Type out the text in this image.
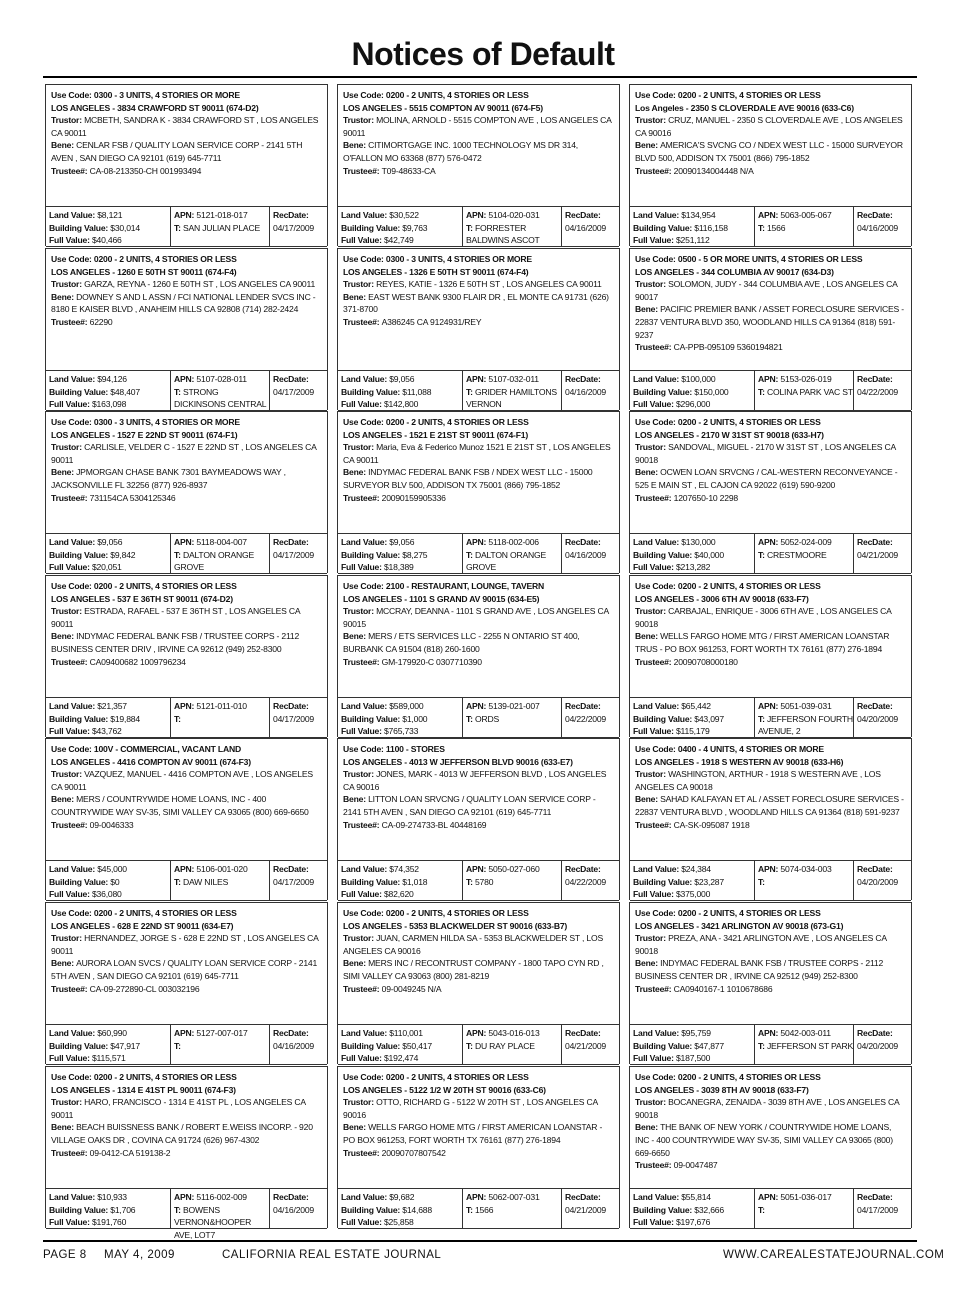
Notices of Default
Use Code: 0300 - 3 UNITS, 4 STORIES OR MORE
LOS ANGELES - 3834 CRAWFORD ST 90011 (674-D2)
Trustor: MCBETH, SANDRA K - 3834 CRAWFORD ST , LOS ANGELES CA 90011
Bene: CENLAR FSB / QUALITY LOAN SERVICE CORP - 2141 5TH AVEN , SAN DIEGO CA 92101 (619) 645-7711
Trustee#: CA-08-213350-CH 001993494
Land Value: $8,121
Building Value: $30,014
Full Value: $40,466
APN: 5121-018-017
T: SAN JULIAN PLACE
RecDate:
04/17/2009
Use Code: 0200 - 2 UNITS, 4 STORIES OR LESS
LOS ANGELES - 1260 E 50TH ST 90011 (674-F4)
Trustor: GARZA, REYNA - 1260 E 50TH ST , LOS ANGELES CA 90011
Bene: DOWNEY S AND L ASSN / FCI NATIONAL LENDER SVCS INC - 8180 E KAISER BLVD , ANAHEIM HILLS CA 92808 (714) 282-2424
Trustee#: 62290
Land Value: $94,126
Building Value: $48,407
Full Value: $163,098
APN: 5107-028-011
T: STRONG DICKINSONS CENTRAL
RecDate:
04/17/2009
Use Code: 0300 - 3 UNITS, 4 STORIES OR MORE
LOS ANGELES - 1527 E 22ND ST 90011 (674-F1)
Trustor: CARLISLE, VELDER C - 1527 E 22ND ST , LOS ANGELES CA 90011
Bene: JPMORGAN CHASE BANK 7301 BAYMEADOWS WAY , JACKSONVILLE FL 32256 (877) 926-8937
Trustee#: 731154CA 5304125346
Land Value: $9,056
Building Value: $9,842
Full Value: $20,051
APN: 5118-004-007
T: DALTON ORANGE GROVE
RecDate:
04/17/2009
Use Code: 0200 - 2 UNITS, 4 STORIES OR LESS
LOS ANGELES - 537 E 36TH ST 90011 (674-D2)
Trustor: ESTRADA, RAFAEL - 537 E 36TH ST , LOS ANGELES CA 90011
Bene: INDYMAC FEDERAL BANK FSB / TRUSTEE CORPS - 2112 BUSINESS CENTER DRIV , IRVINE CA 92612 (949) 252-8300
Trustee#: CA09400682 1009796234
Land Value: $21,357
Building Value: $19,884
Full Value: $43,762
APN: 5121-011-010
T:
RecDate:
04/17/2009
Use Code: 100V - COMMERCIAL, VACANT LAND
LOS ANGELES - 4416 COMPTON AV 90011 (674-F3)
Trustor: VAZQUEZ, MANUEL - 4416 COMPTON AVE , LOS ANGELES CA 90011
Bene: MERS / COUNTRYWIDE HOME LOANS, INC - 400 COUNTRYWIDE WAY SV-35, SIMI VALLEY CA 93065 (800) 669-6650
Trustee#: 09-0046333
Land Value: $45,000
Building Value: $0
Full Value: $36,080
APN: 5106-001-020
T: DAW NILES
RecDate:
04/17/2009
Use Code: 0200 - 2 UNITS, 4 STORIES OR LESS
LOS ANGELES - 628 E 22ND ST 90011 (634-E7)
Trustor: HERNANDEZ, JORGE S - 628 E 22ND ST , LOS ANGELES CA 90011
Bene: AURORA LOAN SVCS / QUALITY LOAN SERVICE CORP - 2141 5TH AVEN , SAN DIEGO CA 92101 (619) 645-7711
Trustee#: CA-09-272890-CL 003032196
Land Value: $60,990
Building Value: $47,917
Full Value: $115,571
APN: 5127-007-017
T:
RecDate:
04/16/2009
Use Code: 0200 - 2 UNITS, 4 STORIES OR LESS
LOS ANGELES - 1314 E 41ST PL 90011 (674-F3)
Trustor: HARO, FRANCISCO - 1314 E 41ST PL , LOS ANGELES CA 90011
Bene: BEACH BUISSNESS BANK / ROBERT E.WEISS INCORP. - 920 VILLAGE OAKS DR , COVINA CA 91724 (626) 967-4302
Trustee#: 09-0412-CA 519138-2
Land Value: $10,933
Building Value: $1,706
Full Value: $191,760
APN: 5116-002-009
T: BOWENS VERNON&HOOPER AVE, LOT7
RecDate:
04/16/2009
Use Code: 0200 - 2 UNITS, 4 STORIES OR LESS
LOS ANGELES - 5515 COMPTON AV 90011 (674-F5)
Trustor: MOLINA, ARNOLD - 5515 COMPTON AVE , LOS ANGELES CA 90011
Bene: CITIMORTGAGE INC. 1000 TECHNOLOGY MS DR 314, O'FALLON MO 63368 (877) 576-0472
Trustee#: T09-48633-CA
Land Value: $30,522
Building Value: $9,763
Full Value: $42,749
APN: 5104-020-031
T: FORRESTER BALDWINS ASCOT
RecDate:
04/16/2009
Use Code: 0300 - 3 UNITS, 4 STORIES OR MORE
LOS ANGELES - 1326 E 50TH ST 90011 (674-F4)
Trustor: REYES, KATIE - 1326 E 50TH ST , LOS ANGELES CA 90011
Bene: EAST WEST BANK 9300 FLAIR DR , EL MONTE CA 91731 (626) 371-8700
Trustee#: A386245 CA 9124931/REY
Land Value: $9,056
Building Value: $11,088
Full Value: $142,800
APN: 5107-032-011
T: GRIDER HAMILTONS VERNON
RecDate:
04/16/2009
Use Code: 0200 - 2 UNITS, 4 STORIES OR LESS
LOS ANGELES - 1521 E 21ST ST 90011 (674-F1)
Trustor: Maria, Eva & Federico Munoz 1521 E 21ST ST , LOS ANGELES CA 90011
Bene: INDYMAC FEDERAL BANK FSB / NDEX WEST LLC - 15000 SURVEYOR BLV 500, ADDISON TX 75001 (866) 795-1852
Trustee#: 20090159905336
Land Value: $9,056
Building Value: $8,275
Full Value: $18,389
APN: 5118-002-006
T: DALTON ORANGE GROVE
RecDate:
04/16/2009
Use Code: 2100 - RESTAURANT, LOUNGE, TAVERN
LOS ANGELES - 1101 S GRAND AV 90015 (634-E5)
Trustor: MCCRAY, DEANNA - 1101 S GRAND AVE , LOS ANGELES CA 90015
Bene: MERS / ETS SERVICES LLC - 2255 N ONTARIO ST 400, BURBANK CA 91504 (818) 260-1600
Trustee#: GM-179920-C 0307710390
Land Value: $589,000
Building Value: $1,000
Full Value: $765,733
APN: 5139-021-007
T: ORDS
RecDate:
04/22/2009
Use Code: 1100 - STORES
LOS ANGELES - 4013 W JEFFERSON BLVD 90016 (633-E7)
Trustor: JONES, MARK - 4013 W JEFFERSON BLVD , LOS ANGELES CA 90016
Bene: LITTON LOAN SRVCNG / QUALITY LOAN SERVICE CORP - 2141 5TH AVEN , SAN DIEGO CA 92101 (619) 645-7711
Trustee#: CA-09-274733-BL 40448169
Land Value: $74,352
Building Value: $1,018
Full Value: $82,620
APN: 5050-027-060
T: 5780
RecDate:
04/22/2009
Use Code: 0200 - 2 UNITS, 4 STORIES OR LESS
LOS ANGELES - 5353 BLACKWELDER ST 90016 (633-B7)
Trustor: JUAN, CARMEN HILDA SA - 5353 BLACKWELDER ST , LOS ANGELES CA 90016
Bene: MERS INC / RECONTRUST COMPANY - 1800 TAPO CYN RD , SIMI VALLEY CA 93063 (800) 281-8219
Trustee#: 09-0049245 N/A
Land Value: $110,001
Building Value: $50,417
Full Value: $192,474
APN: 5043-016-013
T: DU RAY PLACE
RecDate:
04/21/2009
Use Code: 0200 - 2 UNITS, 4 STORIES OR LESS
LOS ANGELES - 5122 1/2 W 20TH ST 90016 (633-C6)
Trustor: OTTO, RICHARD G - 5122 W 20TH ST , LOS ANGELES CA 90016
Bene: WELLS FARGO HOME MTG / FIRST AMERICAN LOANSTAR - PO BOX 961253, FORT WORTH TX 76161 (877) 276-1894
Trustee#: 20090707807542
Land Value: $9,682
Building Value: $14,688
Full Value: $25,858
APN: 5062-007-031
T: 1566
RecDate:
04/21/2009
Use Code: 0200 - 2 UNITS, 4 STORIES OR LESS
Los Angeles - 2350 S CLOVERDALE AVE 90016 (633-C6)
Trustor: CRUZ, MANUEL - 2350 S CLOVERDALE AVE , LOS ANGELES CA 90016
Bene: AMERICA'S SVCNG CO / NDEX WEST LLC - 15000 SURVEYOR BLVD 500, ADDISON TX 75001 (866) 795-1852
Trustee#: 20090134004448 N/A
Land Value: $134,954
Building Value: $116,158
Full Value: $251,112
APN: 5063-005-067
T: 1566
RecDate:
04/16/2009
Use Code: 0500 - 5 OR MORE UNITS, 4 STORIES OR LESS
LOS ANGELES - 344 COLUMBIA AV 90017 (634-D3)
Trustor: SOLOMON, JUDY - 344 COLUMBIA AVE , LOS ANGELES CA 90017
Bene: PACIFIC PREMIER BANK / ASSET FORECLOSURE SERVICES - 22837 VENTURA BLVD 350, WOODLAND HILLS CA 91364 (818) 591-9237
Trustee#: CA-PPB-095109 5360194821
Land Value: $100,000
Building Value: $150,000
Full Value: $296,000
APN: 5153-026-019
T: COLINA PARK VAC ST
RecDate:
04/22/2009
Use Code: 0200 - 2 UNITS, 4 STORIES OR LESS
LOS ANGELES - 2170 W 31ST ST 90018 (633-H7)
Trustor: SANDOVAL, MIGUEL - 2170 W 31ST ST , LOS ANGELES CA 90018
Bene: OCWEN LOAN SRVCNG / CAL-WESTERN RECONVEYANCE - 525 E MAIN ST , EL CAJON CA 92022 (619) 590-9200
Trustee#: 1207650-10 2298
Land Value: $130,000
Building Value: $40,000
Full Value: $213,282
APN: 5052-024-009
T: CRESTMOORE
RecDate:
04/21/2009
Use Code: 0200 - 2 UNITS, 4 STORIES OR LESS
LOS ANGELES - 3006 6TH AV 90018 (633-F7)
Trustor: CARBAJAL, ENRIQUE - 3006 6TH AVE , LOS ANGELES CA 90018
Bene: WELLS FARGO HOME MTG / FIRST AMERICAN LOANSTAR TRUS - PO BOX 961253, FORT WORTH TX 76161 (877) 276-1894
Trustee#: 20090708000180
Land Value: $65,442
Building Value: $43,097
Full Value: $115,179
APN: 5051-039-031
T: JEFFERSON FOURTH AVENUE, 2
RecDate:
04/20/2009
Use Code: 0400 - 4 UNITS, 4 STORIES OR MORE
LOS ANGELES - 1918 S WESTERN AV 90018 (633-H6)
Trustor: WASHINGTON, ARTHUR - 1918 S WESTERN AVE , LOS ANGELES CA 90018
Bene: SAHAD KALFAYAN ET AL / ASSET FORECLOSURE SERVICES - 22837 VENTURA BLVD , WOODLAND HILLS CA 91364 (818) 591-9237
Trustee#: CA-SK-095087 1918
Land Value: $24,384
Building Value: $23,287
Full Value: $375,000
APN: 5074-034-003
T:
RecDate:
04/20/2009
Use Code: 0200 - 2 UNITS, 4 STORIES OR LESS
LOS ANGELES - 3421 ARLINGTON AV 90018 (673-G1)
Trustor: PREZA, ANA - 3421 ARLINGTON AVE , LOS ANGELES CA 90018
Bene: INDYMAC FEDERAL BANK FSB / TRUSTEE CORPS - 2112 BUSINESS CENTER DR , IRVINE CA 92512 (949) 252-8300
Trustee#: CA0940167-1 1010678686
Land Value: $95,759
Building Value: $47,877
Full Value: $187,500
APN: 5042-003-011
T: JEFFERSON ST PARK
RecDate:
04/20/2009
Use Code: 0200 - 2 UNITS, 4 STORIES OR LESS
LOS ANGELES - 3039 8TH AV 90018 (633-F7)
Trustor: BOCANEGRA, ZENAIDA - 3039 8TH AVE , LOS ANGELES CA 90018
Bene: THE BANK OF NEW YORK / COUNTRYWIDE HOME LOANS, INC - 400 COUNTRYWIDE WAY SV-35, SIMI VALLEY CA 93065 (800) 669-6650
Trustee#: 09-0047487
Land Value: $55,814
Building Value: $32,666
Full Value: $197,676
APN: 5051-036-017
T:
RecDate:
04/17/2009
PAGE 8 MAY 4, 2009	CALIFORNIA REAL ESTATE JOURNAL	WWW.CAREALESTATEJOURNAL.COM
